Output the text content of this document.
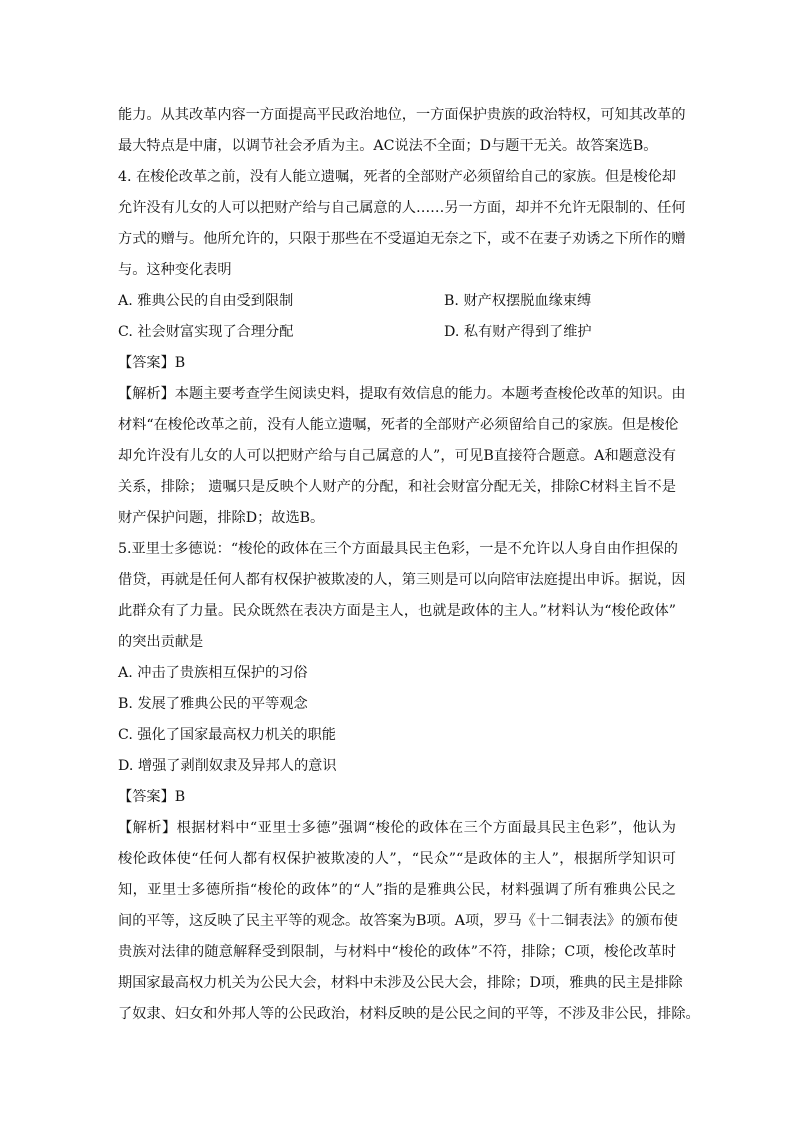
能力。从其改革内容一方面提高平民政治地位，一方面保护贵族的政治特权，可知其改革的
最大特点是中庸，以调节社会矛盾为主。AC说法不全面；D与题干无关。故答案选B。
4. 在梭伦改革之前，没有人能立遗嘱，死者的全部财产必须留给自己的家族。但是梭伦却
允许没有儿女的人可以把财产给与自己属意的人……另一方面，却并不允许无限制的、任何
方式的赠与。他所允许的，只限于那些在不受逼迫无奈之下，或不在妻子劝诱之下所作的赠
与。这种变化表明
A. 雅典公民的自由受到限制	B. 财产权摆脱血缘束缚
C. 社会财富实现了合理分配	D. 私有财产得到了维护
【答案】B
【解析】本题主要考查学生阅读史料，提取有效信息的能力。本题考查梭伦改革的知识。由
材料“在梭伦改革之前，没有人能立遗嘱，死者的全部财产必须留给自己的家族。但是梭伦
却允许没有儿女的人可以把财产给与自己属意的人”，可见B直接符合题意。A和题意没有
关系，排除； 遗嘱只是反映个人财产的分配，和社会财富分配无关，排除C材料主旨不是
财产保护问题，排除D；故选B。
5.亚里士多德说：“梭伦的政体在三个方面最具民主色彩，一是不允许以人身自由作担保的
借贷，再就是任何人都有权保护被欺凌的人，第三则是可以向陪审法庭提出申诉。据说，因
此群众有了力量。民众既然在表决方面是主人，也就是政体的主人。”材料认为“梭伦政体”
的突出贡献是
A. 冲击了贵族相互保护的习俗
B. 发展了雅典公民的平等观念
C. 强化了国家最高权力机关的职能
D. 增强了剥削奴隶及异邦人的意识
【答案】B
【解析】根据材料中“亚里士多德”强调“梭伦的政体在三个方面最具民主色彩”，他认为
梭伦政体使“任何人都有权保护被欺凌的人”，“民众”“是政体的主人”，根据所学知识可
知，亚里士多德所指“梭伦的政体”的“人”指的是雅典公民，材料强调了所有雅典公民之
间的平等，这反映了民主平等的观念。故答案为B项。A项，罗马《十二铜表法》的颁布使
贵族对法律的随意解释受到限制，与材料中“梭伦的政体”不符，排除；C项，梭伦改革时
期国家最高权力机关为公民大会，材料中未涉及公民大会，排除；D项，雅典的民主是排除
了奴隶、妇女和外邦人等的公民政治，材料反映的是公民之间的平等，不涉及非公民，排除。
